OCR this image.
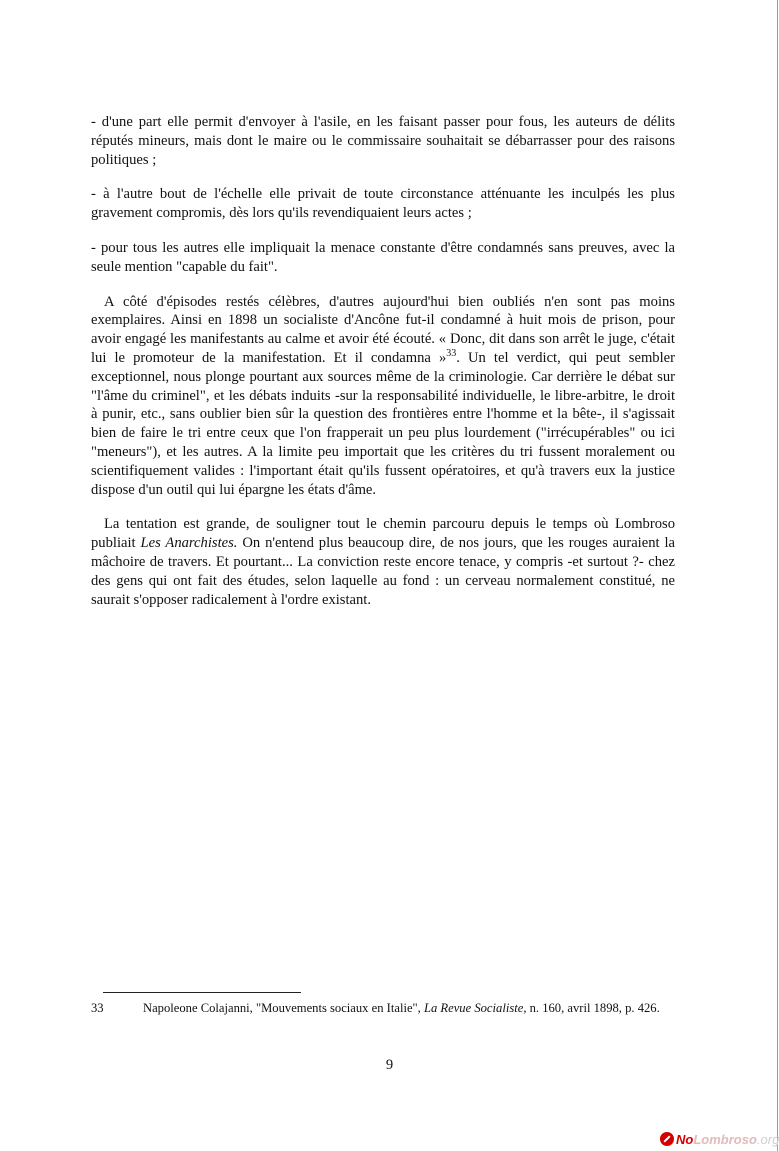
- d'une part elle permit d'envoyer à l'asile, en les faisant passer pour fous, les auteurs de délits réputés mineurs, mais dont le maire ou le commissaire souhaitait se débarrasser pour des raisons politiques ;

- à l'autre bout de l'échelle elle privait de toute circonstance atténuante les inculpés les plus gravement compromis, dès lors qu'ils revendiquaient leurs actes ;

- pour tous les autres elle impliquait la menace constante d'être condamnés sans preuves, avec la seule mention "capable du fait".

A côté d'épisodes restés célèbres, d'autres aujourd'hui bien oubliés n'en sont pas moins exemplaires. Ainsi en 1898 un socialiste d'Ancône fut-il condamné à huit mois de prison, pour avoir engagé les manifestants au calme et avoir été écouté. « Donc, dit dans son arrêt le juge, c'était lui le promoteur de la manifestation. Et il condamna »$^{33}$. Un tel verdict, qui peut sembler exceptionnel, nous plonge pourtant aux sources même de la criminologie. Car derrière le débat sur "l'âme du criminel", et les débats induits -sur la responsabilité individuelle, le libre-arbitre, le droit à punir, etc., sans oublier bien sûr la question des frontières entre l'homme et la bête-, il s'agissait bien de faire le tri entre ceux que l'on frapperait un peu plus lourdement ("irrécupérables" ou ici "meneurs"), et les autres. A la limite peu importait que les critères du tri fussent moralement ou scientifiquement valides : l'important était qu'ils fussent opératoires, et qu'à travers eux la justice dispose d'un outil qui lui épargne les états d'âme.

La tentation est grande, de souligner tout le chemin parcouru depuis le temps où Lombroso publiait Les Anarchistes. On n'entend plus beaucoup dire, de nos jours, que les rouges auraient la mâchoire de travers. Et pourtant... La conviction reste encore tenace, y compris -et surtout ?- chez des gens qui ont fait des études, selon laquelle au fond : un cerveau normalement constitué, ne saurait s'opposer radicalement à l'ordre existant.

33	Napoleone Colajanni, "Mouvements sociaux en Italie", La Revue Socialiste, n. 160, avril 1898, p. 426.
9
No Lombroso .org
